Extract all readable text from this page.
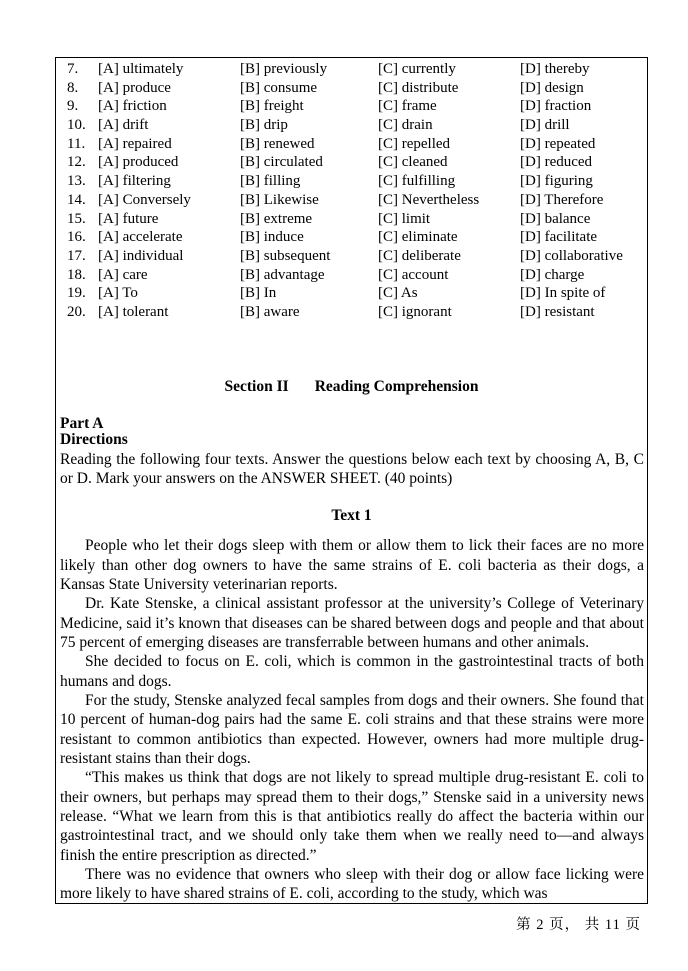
7.	[A] ultimately	[B] previously	[C] currently	[D] thereby
8.	[A] produce	[B] consume	[C] distribute	[D] design
9.	[A] friction	[B] freight	[C] frame	[D] fraction
10. [A] drift	[B] drip	[C] drain	[D] drill
11. [A] repaired	[B] renewed	[C] repelled	[D] repeated
12. [A] produced	[B] circulated	[C] cleaned	[D] reduced
13. [A] filtering	[B] filling	[C] fulfilling	[D] figuring
14. [A] Conversely	[B] Likewise	[C] Nevertheless	[D] Therefore
15. [A] future	[B] extreme	[C] limit	[D] balance
16. [A] accelerate	[B] induce	[C] eliminate	[D] facilitate
17. [A] individual	[B] subsequent	[C] deliberate	[D] collaborative
18. [A] care	[B] advantage	[C] account	[D] charge
19. [A] To	[B] In	[C] As	[D] In spite of
20. [A] tolerant	[B] aware	[C] ignorant	[D] resistant
Section II Reading Comprehension
Part A
Directions
Reading the following four texts. Answer the questions below each text by choosing A, B, C or D. Mark your answers on the ANSWER SHEET. (40 points)
Text 1

People who let their dogs sleep with them or allow them to lick their faces are no more likely than other dog owners to have the same strains of E. coli bacteria as their dogs, a Kansas State University veterinarian reports.

Dr. Kate Stenske, a clinical assistant professor at the university’s College of Veterinary Medicine, said it’s known that diseases can be shared between dogs and people and that about 75 percent of emerging diseases are transferrable between humans and other animals.

She decided to focus on E. coli, which is common in the gastrointestinal tracts of both humans and dogs.

For the study, Stenske analyzed fecal samples from dogs and their owners. She found that 10 percent of human-dog pairs had the same E. coli strains and that these strains were more resistant to common antibiotics than expected. However, owners had more multiple drug-resistant stains than their dogs.

“This makes us think that dogs are not likely to spread multiple drug-resistant E. coli to their owners, but perhaps may spread them to their dogs,” Stenske said in a university news release. “What we learn from this is that antibiotics really do affect the bacteria within our gastrointestinal tract, and we should only take them when we really need to—and always finish the entire prescription as directed.”

There was no evidence that owners who sleep with their dog or allow face licking were more likely to have shared strains of E. coli, according to the study, which was

第 2 页， 共 11 页
